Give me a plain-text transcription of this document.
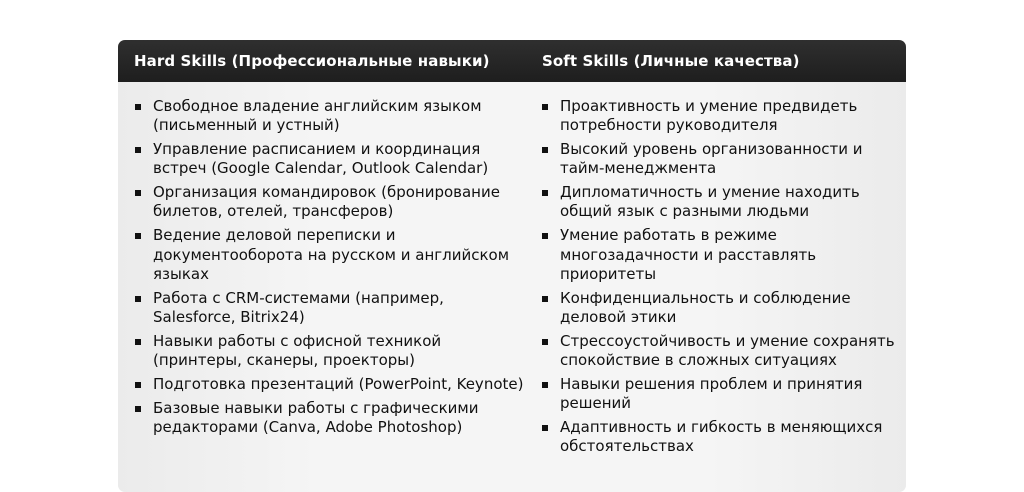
Hard Skills (Профессиональные навыки)	Soft Skills (Личные качества)
Свободное владение английским языком (письменный и устный)
Управление расписанием и координация встреч (Google Calendar, Outlook Calendar)
Организация командировок (бронирование билетов, отелей, трансферов)
Ведение деловой переписки и документооборота на русском и английском языках
Работа с CRM-системами (например, Salesforce, Bitrix24)
Навыки работы с офисной техникой (принтеры, сканеры, проекторы)
Подготовка презентаций (PowerPoint, Keynote)
Базовые навыки работы с графическими редакторами (Canva, Adobe Photoshop)
Проактивность и умение предвидеть потребности руководителя
Высокий уровень организованности и тайм-менеджмента
Дипломатичность и умение находить общий язык с разными людьми
Умение работать в режиме многозадачности и расставлять приоритеты
Конфиденциальность и соблюдение деловой этики
Стрессоустойчивость и умение сохранять спокойствие в сложных ситуациях
Навыки решения проблем и принятия решений
Адаптивность и гибкость в меняющихся обстоятельствах
